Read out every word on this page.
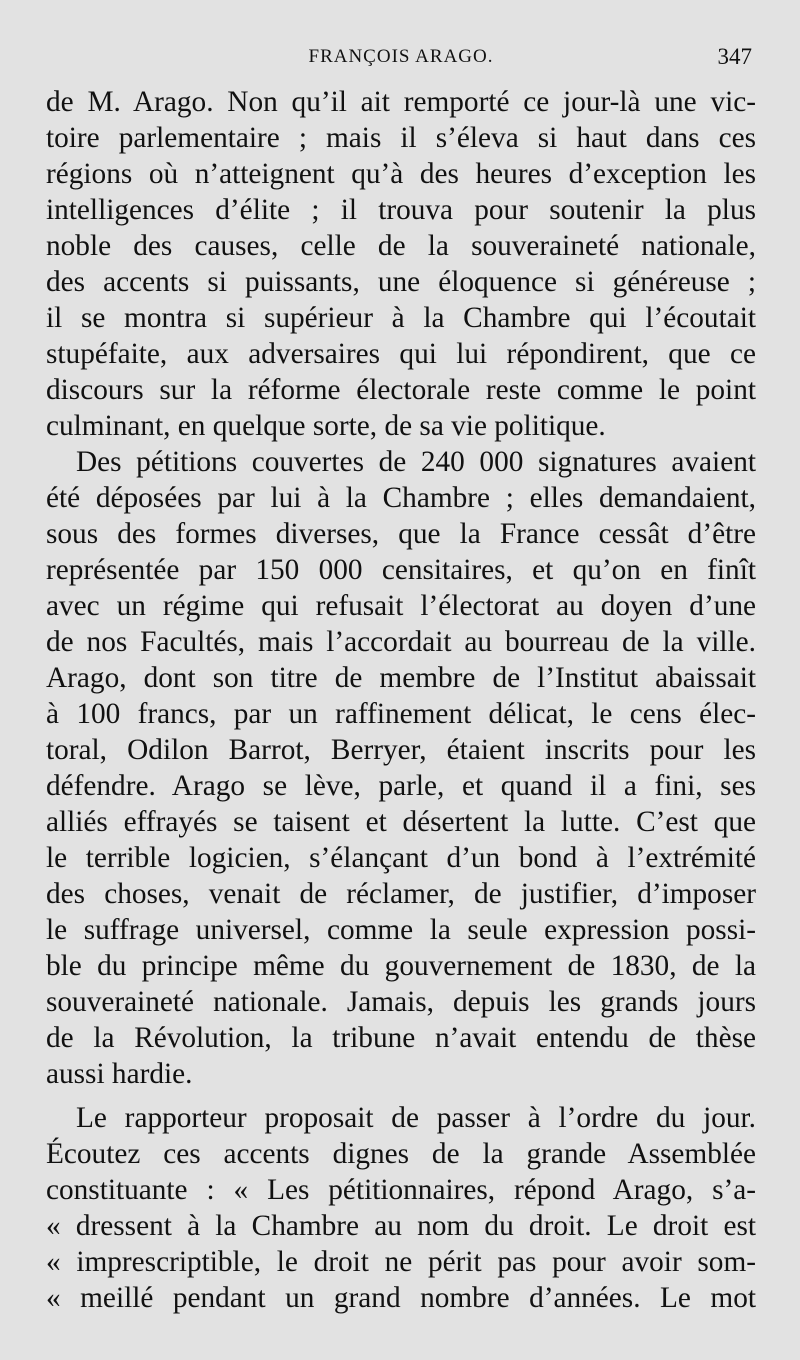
FRANÇOIS ARAGO.	347
de M. Arago. Non qu’il ait remporté ce jour-là une vic-
toire parlementaire ; mais il s’éleva si haut dans ces
régions où n’atteignent qu’à des heures d’exception les
intelligences d’élite ; il trouva pour soutenir la plus
noble des causes, celle de la souveraineté nationale,
des accents si puissants, une éloquence si généreuse ;
il se montra si supérieur à la Chambre qui l’écoutait
stupéfaite, aux adversaires qui lui répondirent, que ce
discours sur la réforme électorale reste comme le point
culminant, en quelque sorte, de sa vie politique.
Des pétitions couvertes de 240 000 signatures avaient
été déposées par lui à la Chambre ; elles demandaient,
sous des formes diverses, que la France cessât d’être
représentée par 150 000 censitaires, et qu’on en finît
avec un régime qui refusait l’électorat au doyen d’une
de nos Facultés, mais l’accordait au bourreau de la ville.
Arago, dont son titre de membre de l’Institut abaissait
à 100 francs, par un raffinement délicat, le cens élec-
toral, Odilon Barrot, Berryer, étaient inscrits pour les
défendre. Arago se lève, parle, et quand il a fini, ses
alliés effrayés se taisent et désertent la lutte. C’est que
le terrible logicien, s’élançant d’un bond à l’extrémité
des choses, venait de réclamer, de justifier, d’imposer
le suffrage universel, comme la seule expression possi-
ble du principe même du gouvernement de 1830, de la
souveraineté nationale. Jamais, depuis les grands jours
de la Révolution, la tribune n’avait entendu de thèse
aussi hardie.
Le rapporteur proposait de passer à l’ordre du jour.
Écoutez ces accents dignes de la grande Assemblée
constituante : « Les pétitionnaires, répond Arago, s’a-
« dressent à la Chambre au nom du droit. Le droit est
« imprescriptible, le droit ne périt pas pour avoir som-
« meillé pendant un grand nombre d’années. Le mot
